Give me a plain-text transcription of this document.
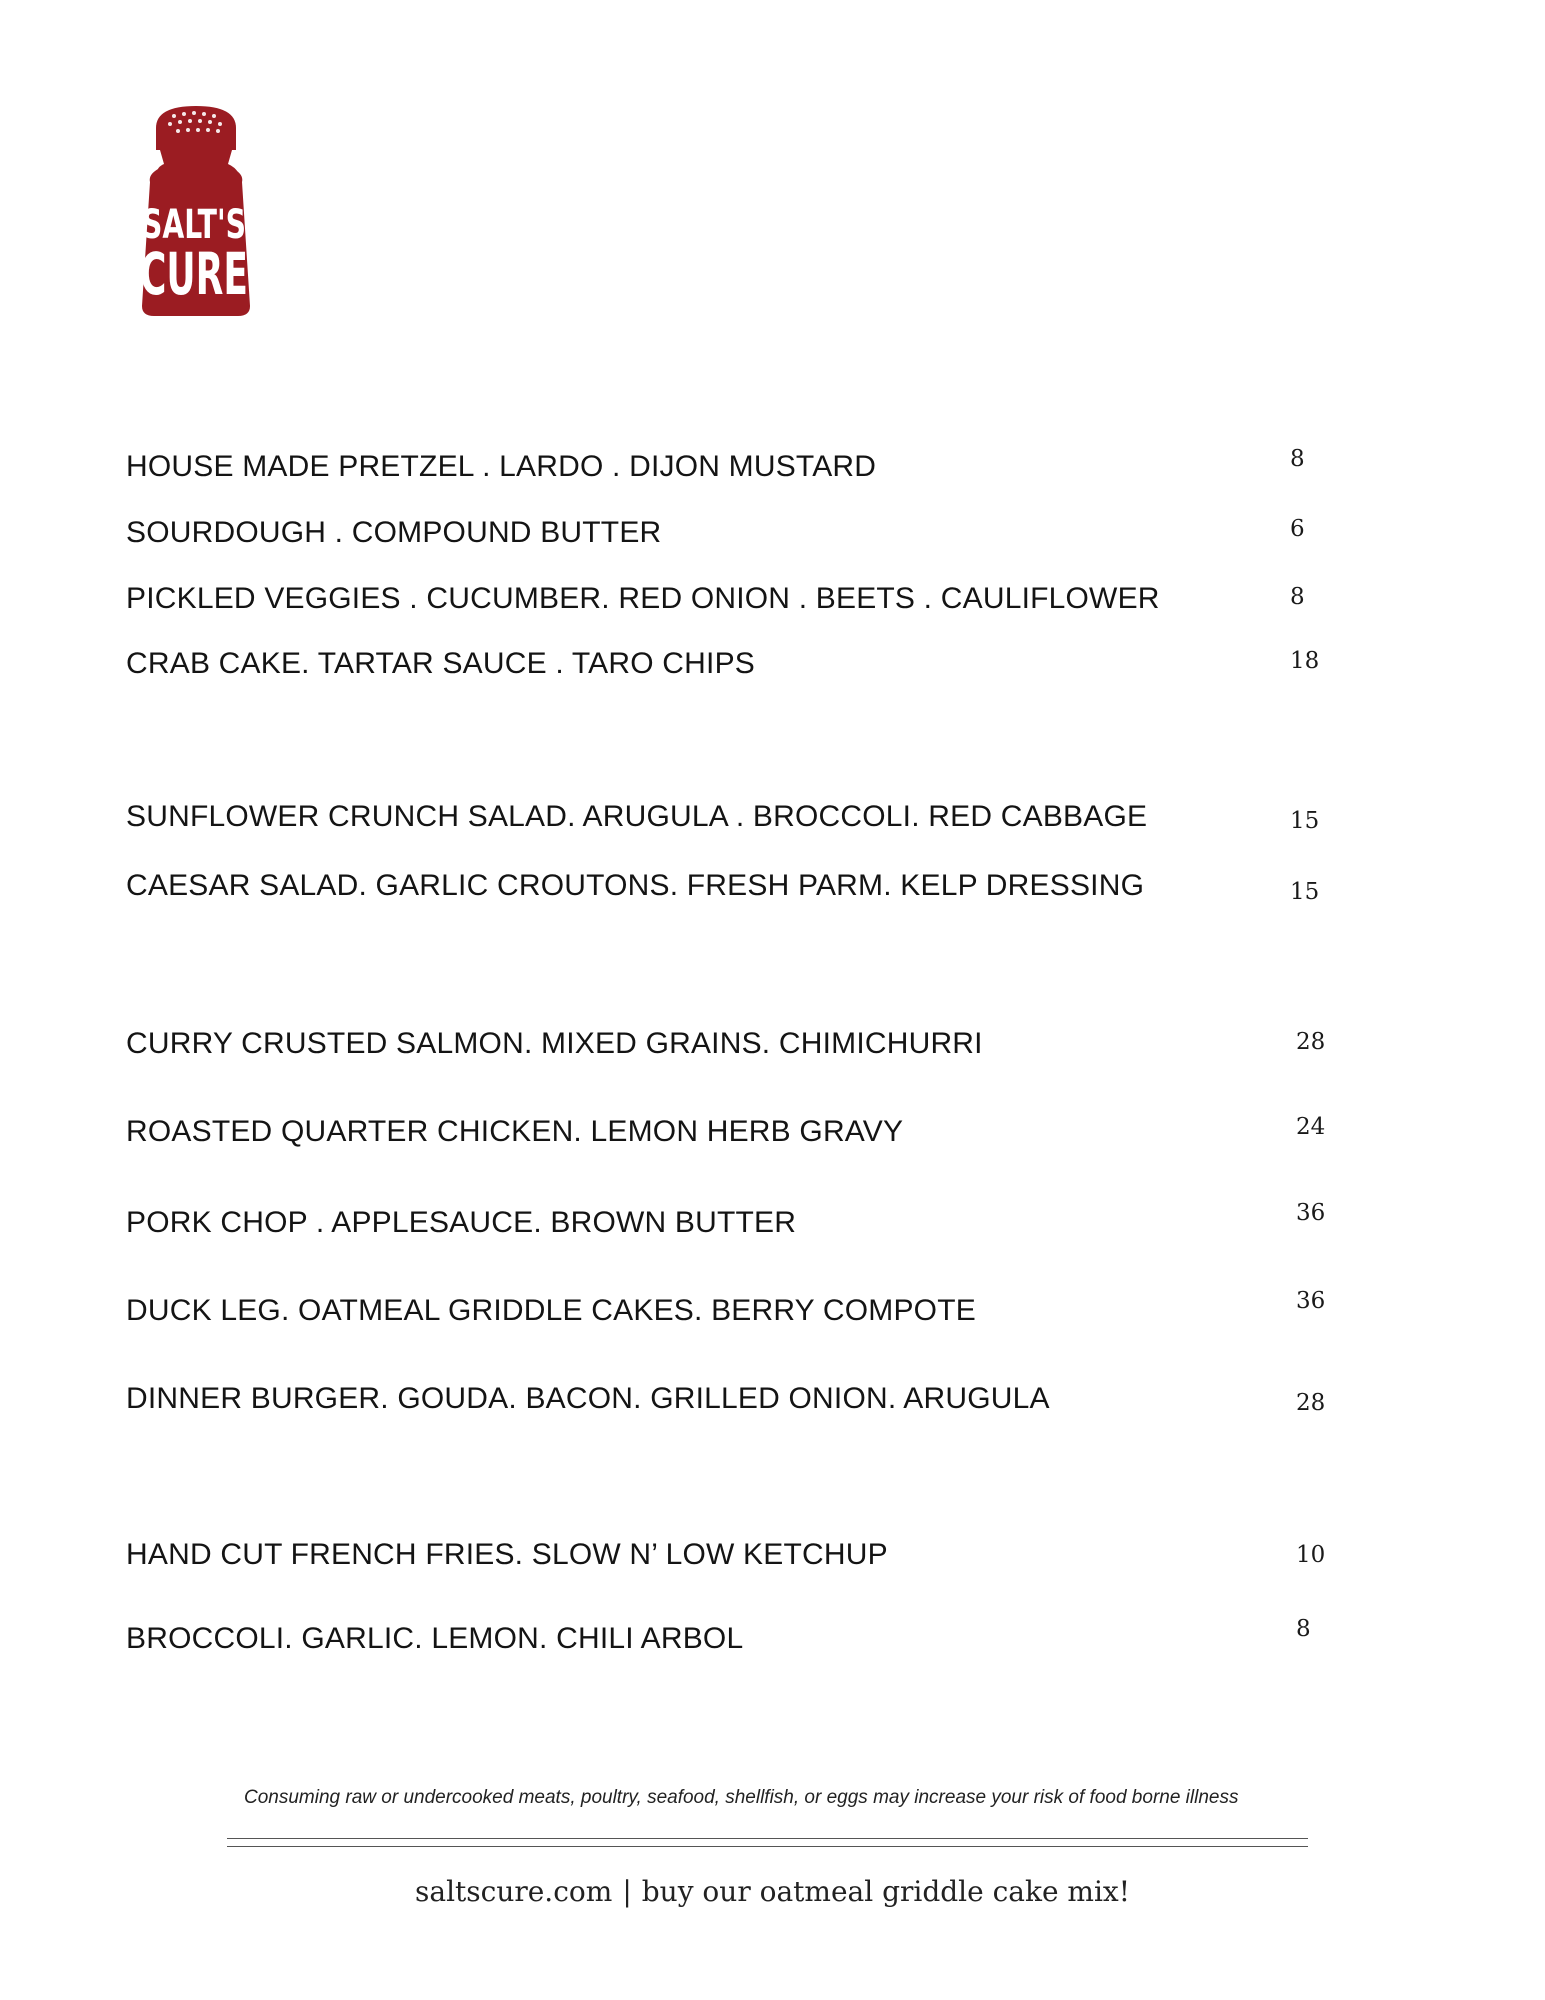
SALT'S
CURE
HOUSE MADE PRETZEL . LARDO . DIJON MUSTARD	8
SOURDOUGH . COMPOUND BUTTER	6
PICKLED VEGGIES . CUCUMBER. RED ONION . BEETS . CAULIFLOWER	8
CRAB CAKE. TARTAR SAUCE . TARO CHIPS	18
SUNFLOWER CRUNCH SALAD. ARUGULA . BROCCOLI. RED CABBAGE	15
CAESAR SALAD. GARLIC CROUTONS. FRESH PARM. KELP DRESSING	15
CURRY CRUSTED SALMON. MIXED GRAINS. CHIMICHURRI	28
ROASTED QUARTER CHICKEN. LEMON HERB GRAVY	24
PORK CHOP . APPLESAUCE. BROWN BUTTER	36
DUCK LEG. OATMEAL GRIDDLE CAKES. BERRY COMPOTE	36
DINNER BURGER. GOUDA. BACON. GRILLED ONION. ARUGULA	28
HAND CUT FRENCH FRIES. SLOW N’ LOW KETCHUP	10
BROCCOLI. GARLIC. LEMON. CHILI ARBOL	8
Consuming raw or undercooked meats, poultry, seafood, shellfish, or eggs may increase your risk of food borne illness
saltscure.com | buy our oatmeal griddle cake mix!
